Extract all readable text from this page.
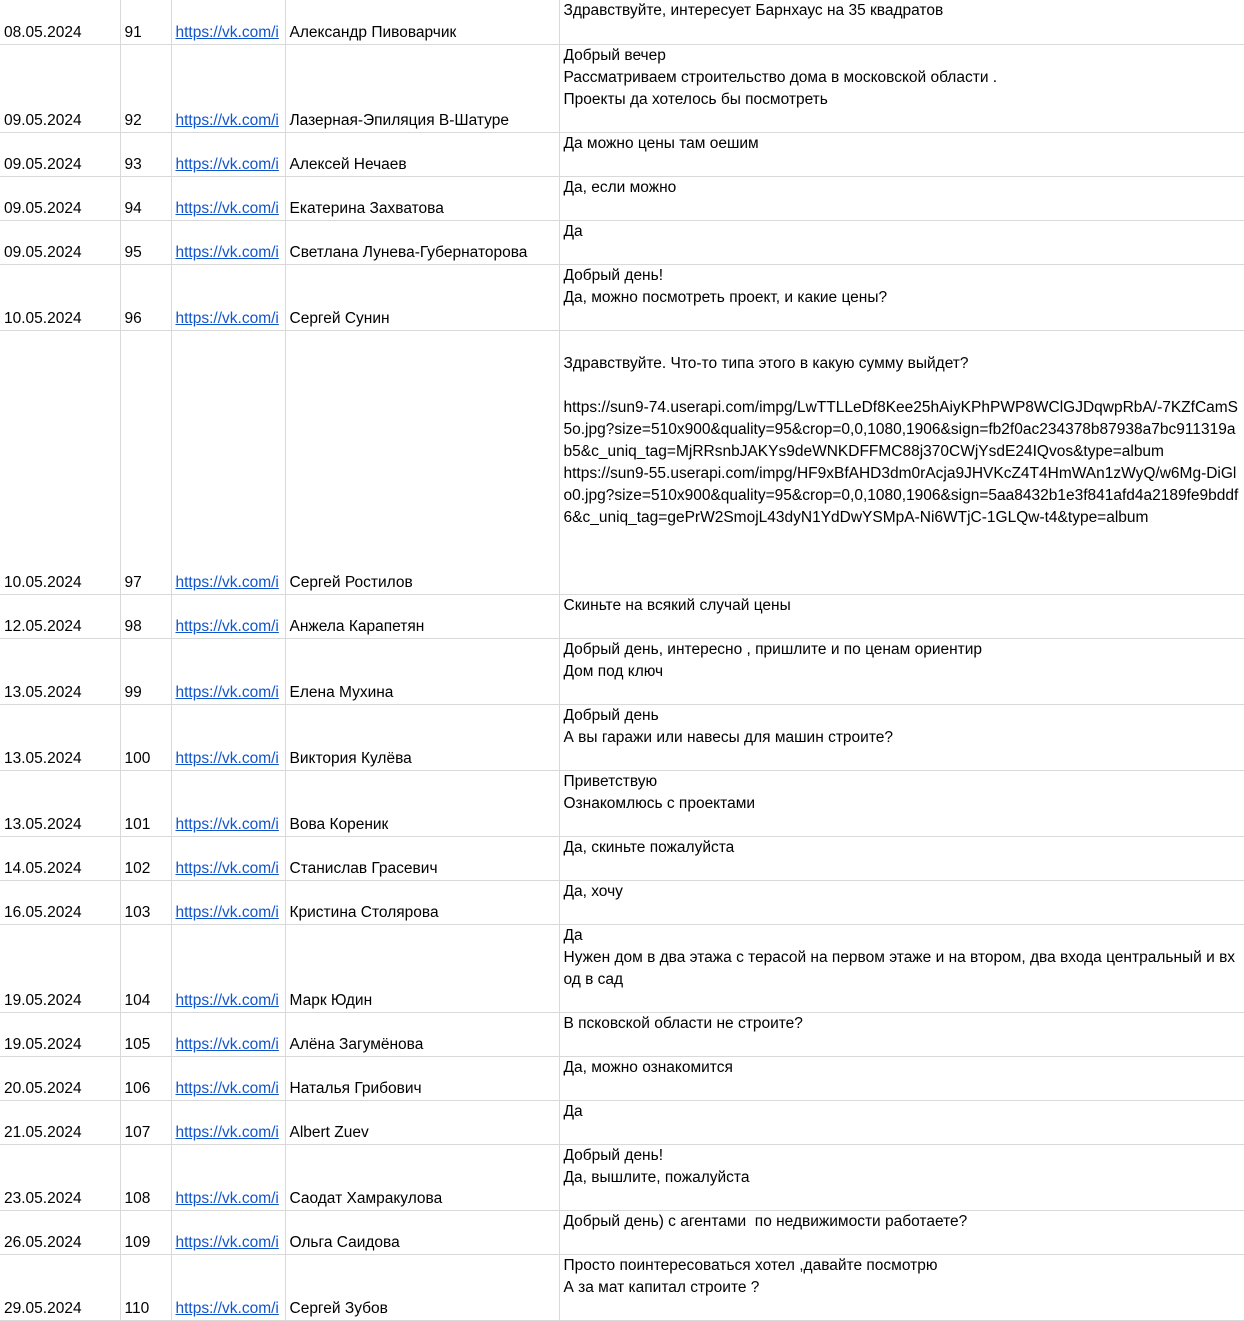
08.05.2024	91	https://vk.com/i	Александр Пивоварчик	Здравствуйте, интересует Барнхаус на 35 квадратов
09.05.2024	92	https://vk.com/i	Лазерная-Эпиляция В-Шатуре	Добрый вечер
Рассматриваем строительство дома в московской области .
Проекты да хотелось бы посмотреть
09.05.2024	93	https://vk.com/i	Алексей Нечаев	Да можно цены там оешим
09.05.2024	94	https://vk.com/i	Екатерина Захватова	Да, если можно
09.05.2024	95	https://vk.com/i	Светлана Лунева-Губернаторова	Да
10.05.2024	96	https://vk.com/i	Сергей Сунин	Добрый день!
Да, можно посмотреть проект, и какие цены?
10.05.2024	97	https://vk.com/i	Сергей Ростилов	
Здравствуйте. Что-то типа этого в какую сумму выйдет?

https://sun9-74.userapi.com/impg/LwTTLLeDf8Kee25hAiyKPhPWP8WClGJDqwpRbA/-7KZfCamS5o.jpg?size=510x900&quality=95&crop=0,0,1080,1906&sign=fb2f0ac234378b87938a7bc911319ab5&c_uniq_tag=MjRRsnbJAKYs9deWNKDFFMC88j370CWjYsdE24IQvos&type=album
https://sun9-55.userapi.com/impg/HF9xBfAHD3dm0rAcja9JHVKcZ4T4HmWAn1zWyQ/w6Mg-DiGlo0.jpg?size=510x900&quality=95&crop=0,0,1080,1906&sign=5aa8432b1e3f841afd4a2189fe9bddf6&c_uniq_tag=gePrW2SmojL43dyN1YdDwYSMpA-Ni6WTjC-1GLQw-t4&type=album
12.05.2024	98	https://vk.com/i	Анжела Карапетян	Скиньте на всякий случай цены
13.05.2024	99	https://vk.com/i	Елена Мухина	Добрый день, интересно , пришлите и по ценам ориентир
Дом под ключ
13.05.2024	100	https://vk.com/i	Виктория Кулёва	Добрый день
А вы гаражи или навесы для машин строите?
13.05.2024	101	https://vk.com/i	Вова Кореник	Приветствую
Ознакомлюсь с проектами
14.05.2024	102	https://vk.com/i	Станислав Грасевич	Да, скиньте пожалуйста
16.05.2024	103	https://vk.com/i	Кристина Столярова	Да, хочу
19.05.2024	104	https://vk.com/i	Марк Юдин	Да
Нужен дом в два этажа с терасой на первом этаже и на втором, два входа центральный и вход в сад
19.05.2024	105	https://vk.com/i	Алёна Загумёнова	В псковской области не строите?
20.05.2024	106	https://vk.com/i	Наталья Грибович	Да, можно ознакомится
21.05.2024	107	https://vk.com/i	Albert Zuev	Да
23.05.2024	108	https://vk.com/i	Саодат Хамракулова	Добрый день!
Да, вышлите, пожалуйста
26.05.2024	109	https://vk.com/i	Ольга Саидова	Добрый день) с агентами  по недвижимости работаете?
29.05.2024	110	https://vk.com/i	Сергей Зубов	Просто поинтересоваться хотел ,давайте посмотрю
А за мат капитал строите ?
